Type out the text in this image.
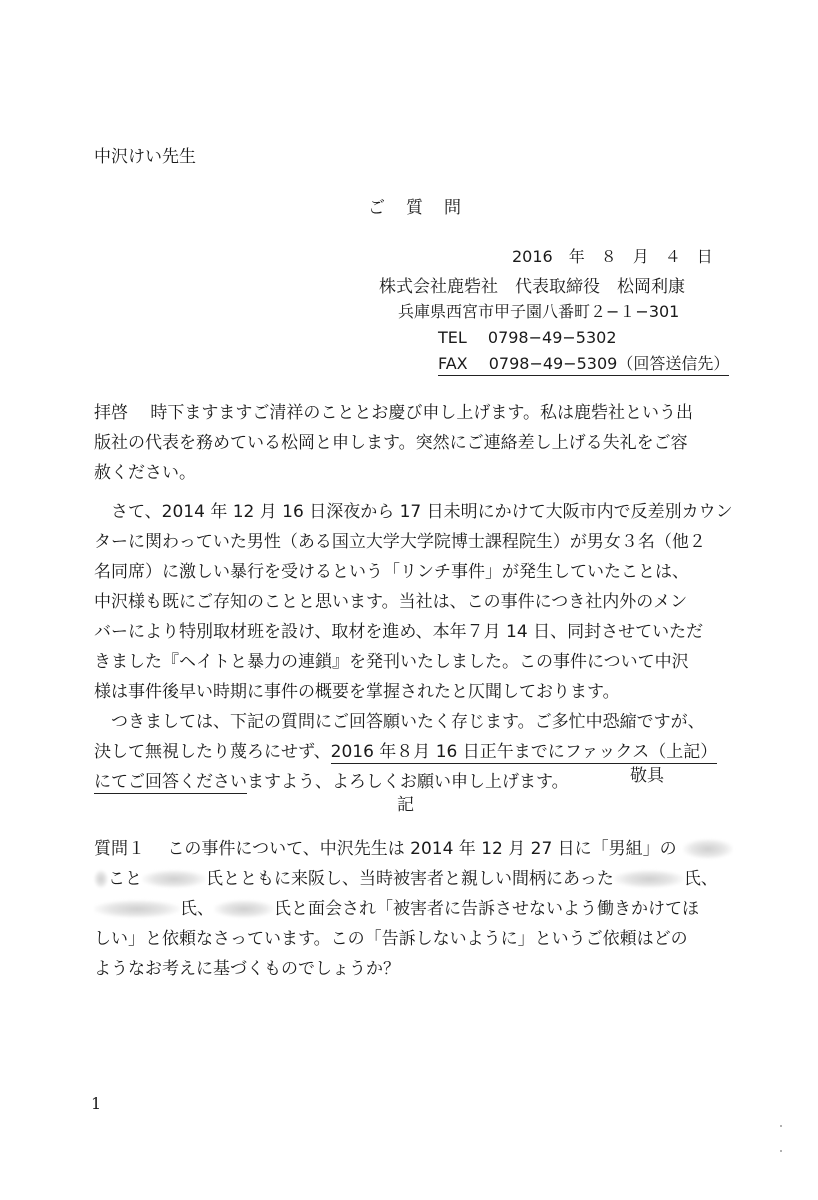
中沢けい先生
ご　質　問
2016　年　８　月　４　日
株式会社鹿砦社　代表取締役　松岡利康
兵庫県西宮市甲子園八番町２−１−301
TEL　 0798−49−5302
FAX　 0798−49−5309（回答送信先）
拝啓　 時下ますますご清祥のこととお慶び申し上げます。私は鹿砦社という出
版社の代表を務めている松岡と申します。突然にご連絡差し上げる失礼をご容
赦ください。
　さて、2014 年 12 月 16 日深夜から 17 日未明にかけて大阪市内で反差別カウン
ターに関わっていた男性（ある国立大学大学院博士課程院生）が男女３名（他２
名同席）に激しい暴行を受けるという「リンチ事件」が発生していたことは、
中沢様も既にご存知のことと思います。当社は、この事件につき社内外のメン
バーにより特別取材班を設け、取材を進め、本年７月 14 日、同封させていただ
きました『ヘイトと暴力の連鎖』を発刊いたしました。この事件について中沢
様は事件後早い時期に事件の概要を掌握されたと仄聞しております。
　つきましては、下記の質問にご回答願いたく存じます。ご多忙中恐縮ですが、
決して無視したり蔑ろにせず、2016 年８月 16 日正午までにファックス（上記）
にてご回答くださいますよう、よろしくお願い申し上げます。	敬具
記
質問１　 この事件について、中沢先生は 2014 年 12 月 27 日に「男組」の
こと	氏とともに来阪し、当時被害者と親しい間柄にあった	氏、
氏、	氏と面会され「被害者に告訴させないよう働きかけてほ
しい」と依頼なさっています。この「告訴しないように」というご依頼はどの
ようなお考えに基づくものでしょうか？
1
